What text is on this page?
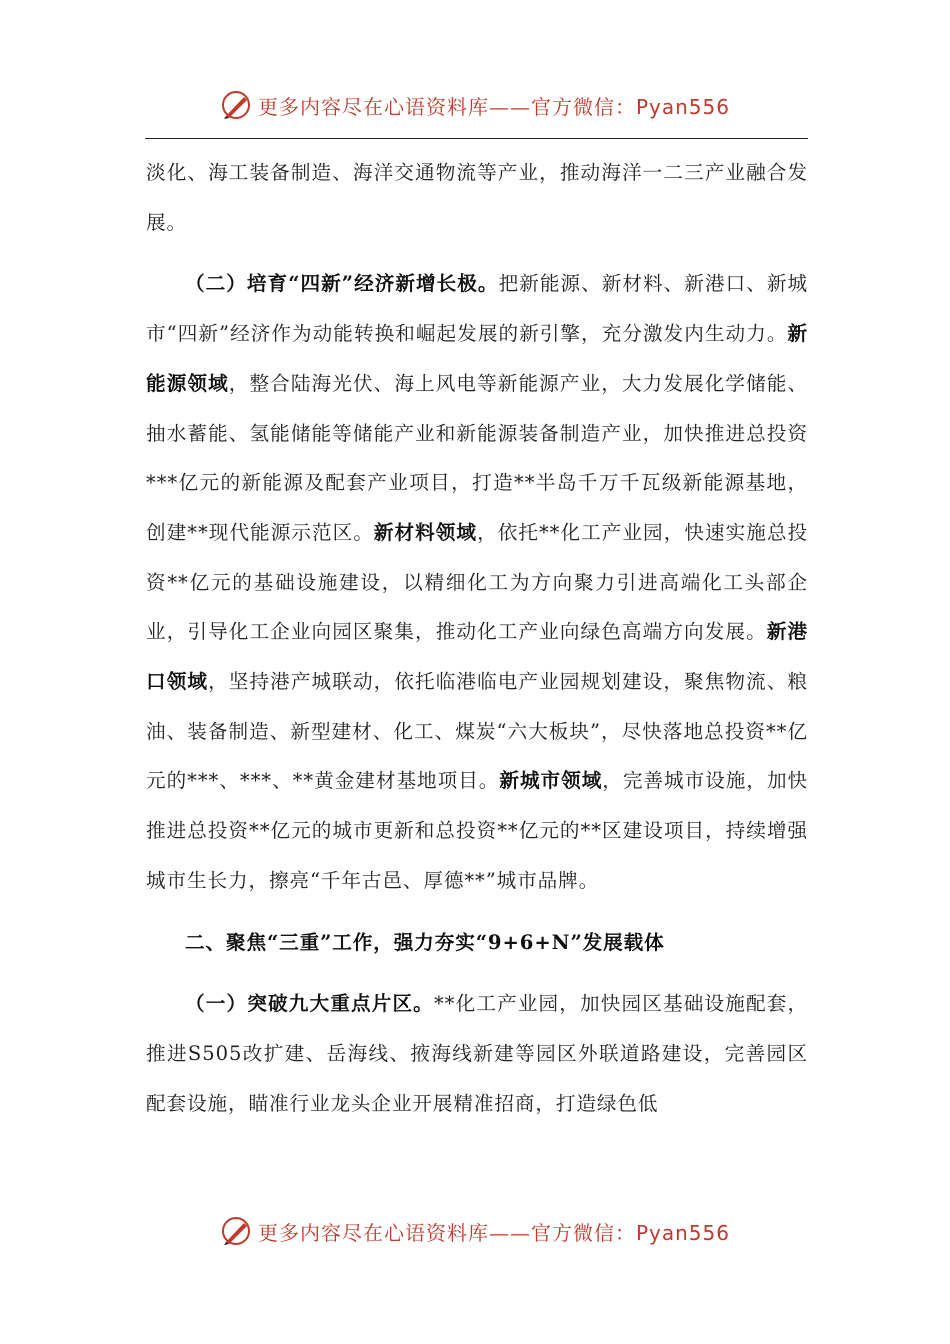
更多内容尽在心语资料库——官方微信：Pyan556

淡化、海工装备制造、海洋交通物流等产业，推动海洋一二三产业融合发展。

（二）培育“四新”经济新增长极。把新能源、新材料、新港口、新城市“四新”经济作为动能转换和崛起发展的新引擎，充分激发内生动力。新能源领域，整合陆海光伏、海上风电等新能源产业，大力发展化学储能、抽水蓄能、氢能储能等储能产业和新能源装备制造产业，加快推进总投资***亿元的新能源及配套产业项目，打造**半岛千万千瓦级新能源基地，创建**现代能源示范区。新材料领域，依托**化工产业园，快速实施总投资**亿元的基础设施建设，以精细化工为方向聚力引进高端化工头部企业，引导化工企业向园区聚集，推动化工产业向绿色高端方向发展。新港口领域，坚持港产城联动，依托临港临电产业园规划建设，聚焦物流、粮油、装备制造、新型建材、化工、煤炭“六大板块”，尽快落地总投资**亿元的***、***、**黄金建材基地项目。新城市领域，完善城市设施，加快推进总投资**亿元的城市更新和总投资**亿元的**区建设项目，持续增强城市生长力，擦亮“千年古邑、厚德**”城市品牌。

二、聚焦“三重”工作，强力夯实“9+6+N”发展载体

（一）突破九大重点片区。**化工产业园，加快园区基础设施配套，推进S505改扩建、岳海线、掖海线新建等园区外联道路建设，完善园区配套设施，瞄准行业龙头企业开展精准招商，打造绿色低

更多内容尽在心语资料库——官方微信：Pyan556
